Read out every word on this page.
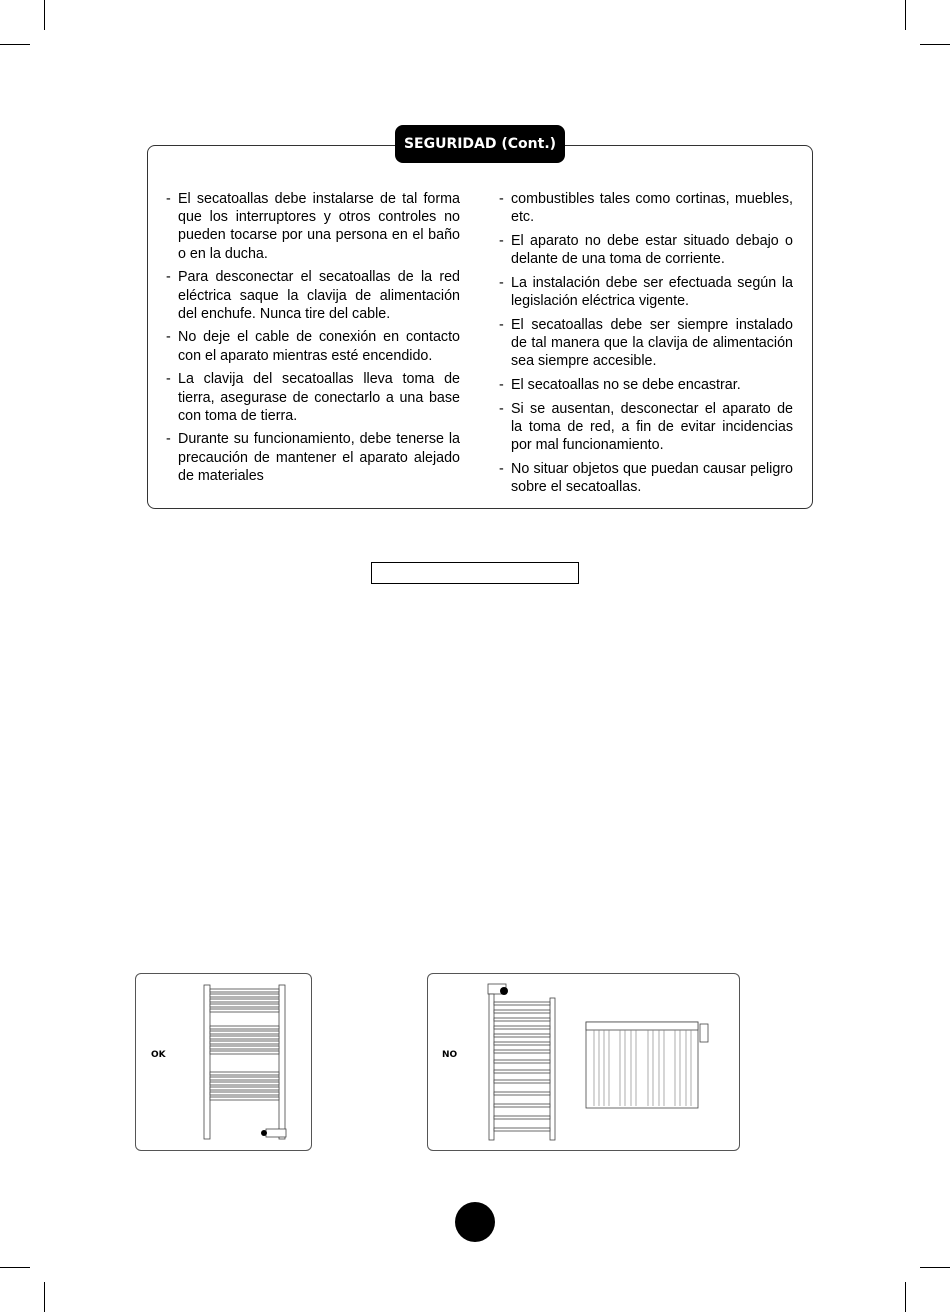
SEGURIDAD (Cont.)
- El secatoallas debe instalarse de tal forma que los interruptores y otros controles no pueden tocarse por una persona en el baño o en la ducha.
- Para desconectar el secatoallas de la red eléctrica saque la clavija de alimentación del enchufe. Nunca tire del cable.
- No deje el cable de conexión en contacto con el aparato mientras esté encendido.
- La clavija del secatoallas lleva toma de tierra, asegurase de conectarlo a una base con toma de tierra.
- Durante su funcionamiento, debe tenerse la precaución de mantener el aparato alejado de materiales
- combustibles tales como cortinas, muebles, etc.
- El aparato no debe estar situado debajo o delante de una toma de corriente.
- La instalación debe ser efectuada según la legislación eléctrica vigente.
- El secatoallas debe ser siempre instalado de tal manera que la clavija de alimentación sea siempre accesible.
- El secatoallas no se debe encastrar.
- Si se ausentan, desconectar el aparato de la toma de red, a fin de evitar incidencias por mal funcionamiento.
- No situar objetos que puedan causar peligro sobre el secatoallas.
OK	NO
